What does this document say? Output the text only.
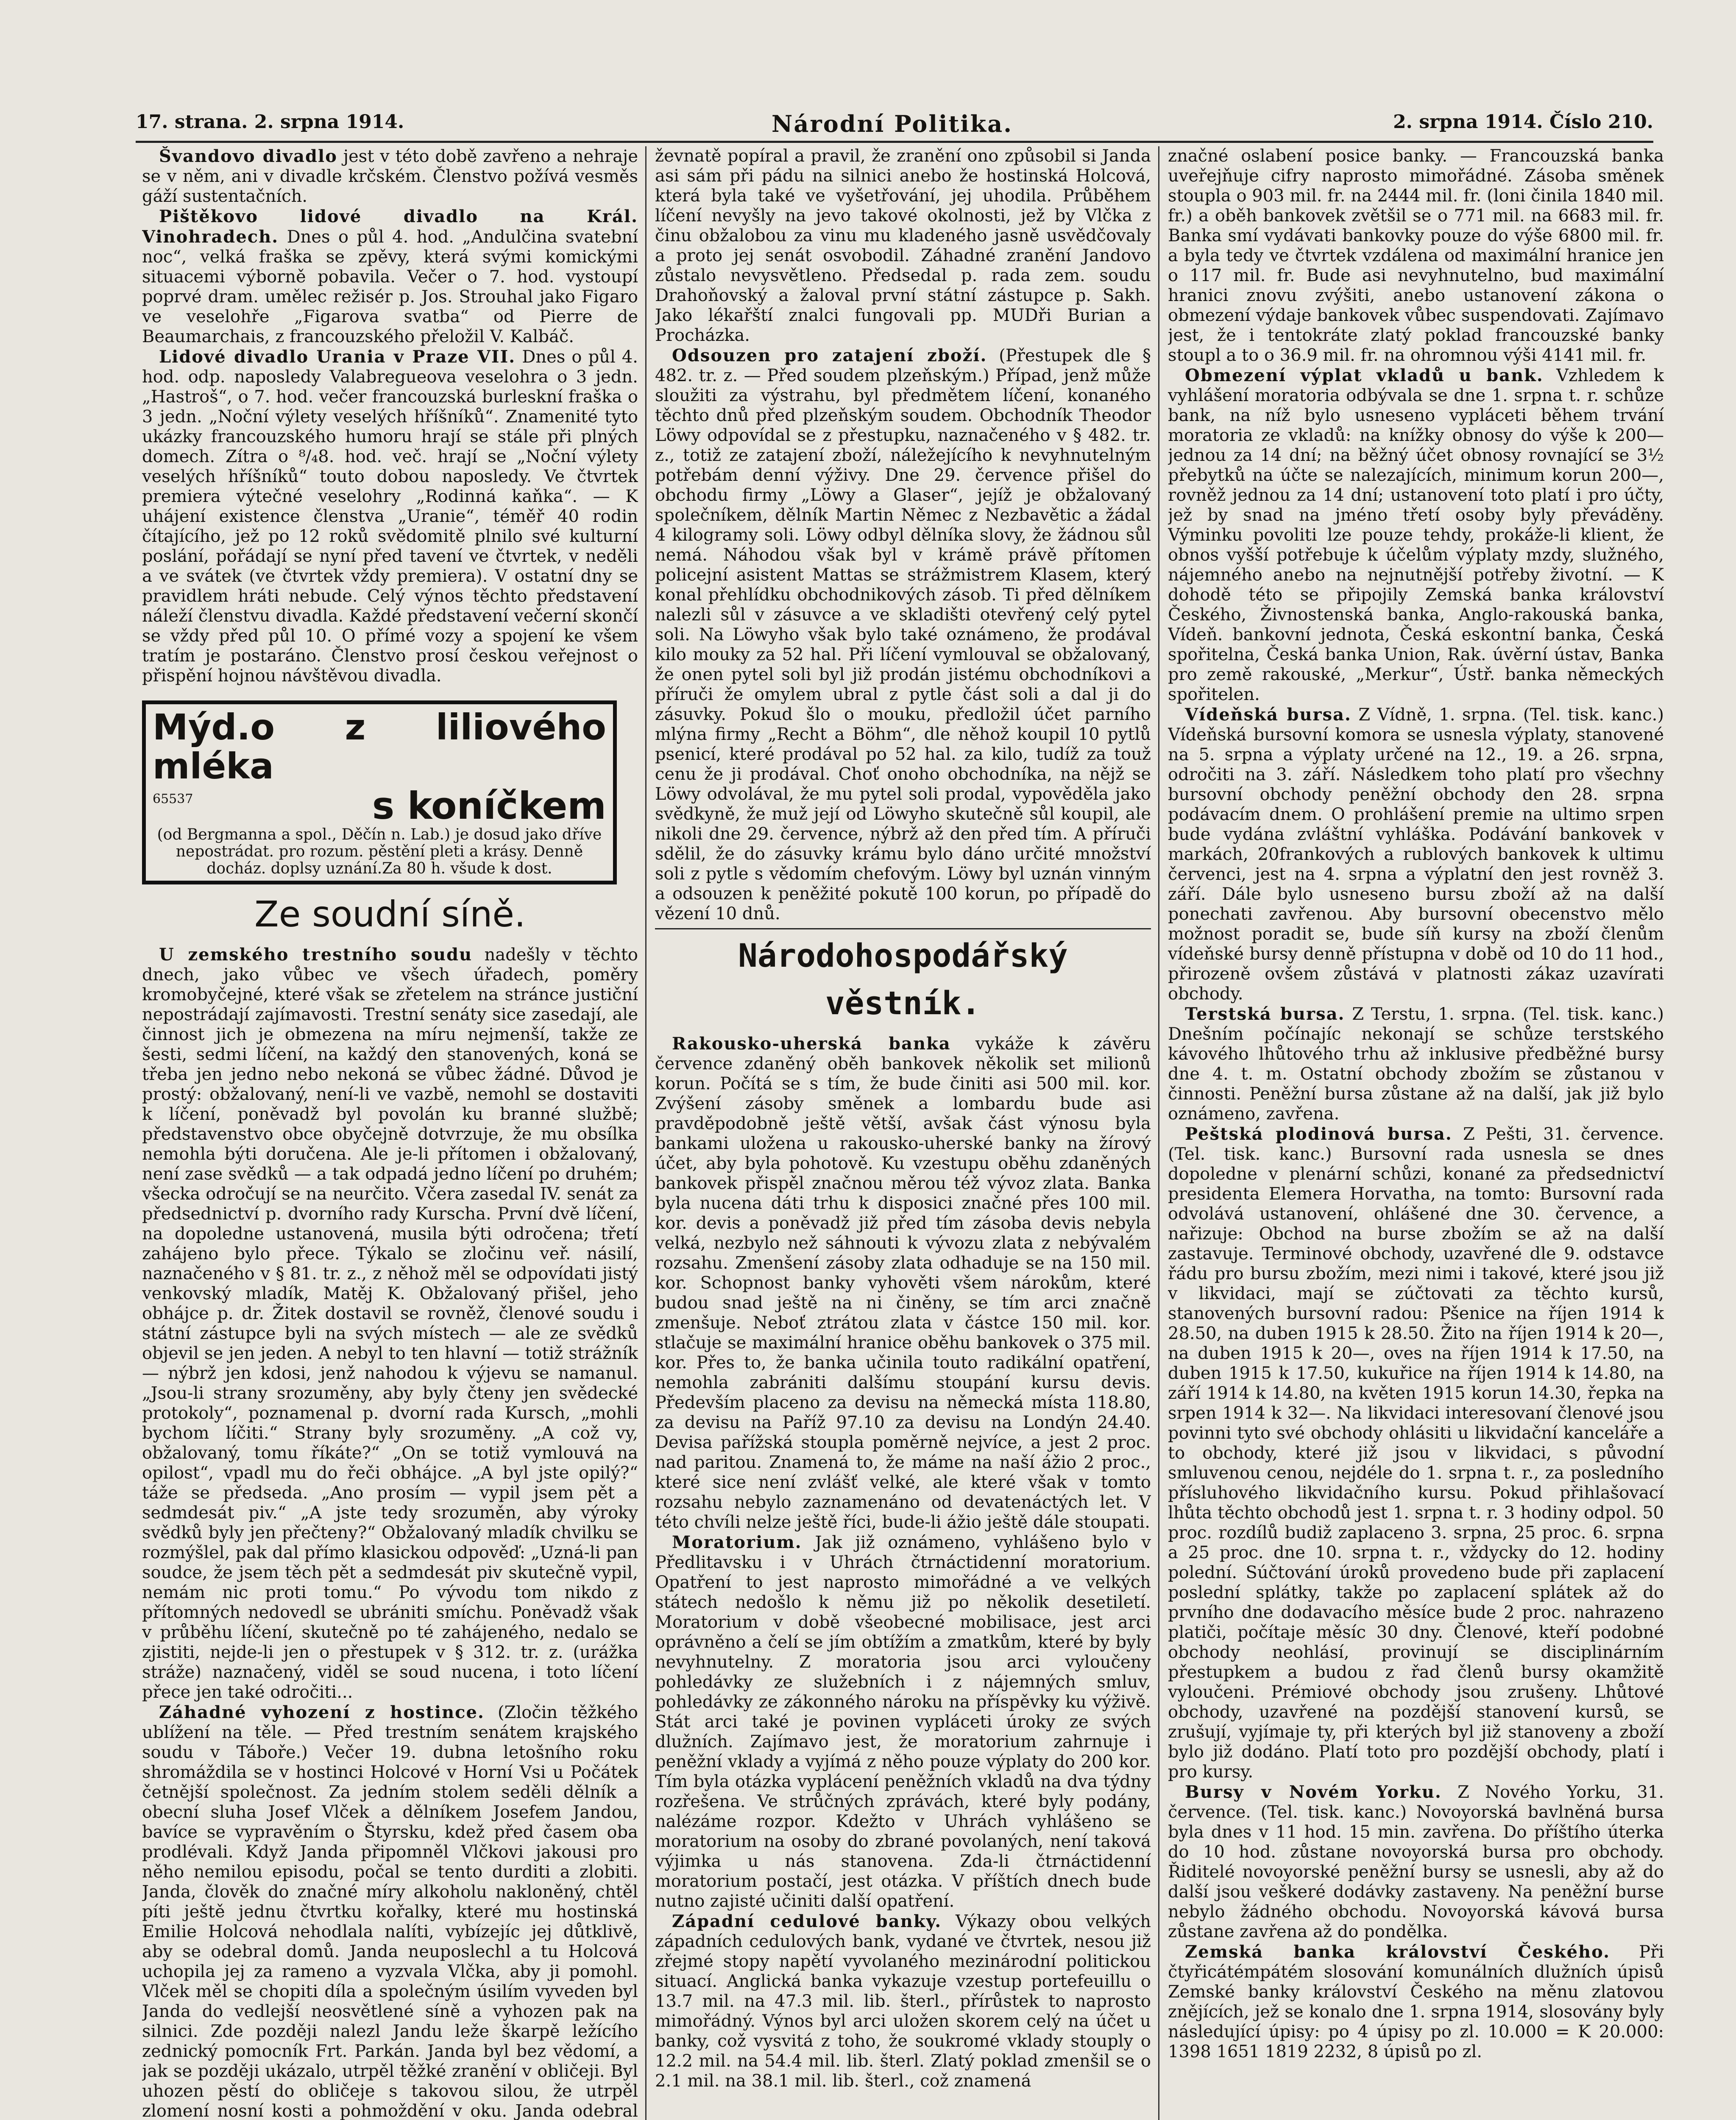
17. strana. 2. srpna 1914.	Národní Politika.	2. srpna 1914. Číslo 210.

Švandovo divadlo jest v této době zavřeno a nehraje se v něm, ani v divadle krčském. Členstvo požívá vesměs gáží sustentačních.

Pištěkovo lidové divadlo na Král. Vinohradech. Dnes o půl 4. hod. „Andulčina svatební noc“, velká fraška se zpěvy, která svými komickými situacemi výborně pobavila. Večer o 7. hod. vystoupí poprvé dram. umělec režisér p. Jos. Strouhal jako Figaro ve veselohře „Figarova svatba“ od Pierre de Beaumarchais, z francouzského přeložil V. Kalbáč.

Lidové divadlo Urania v Praze VII. Dnes o půl 4. hod. odp. naposledy Valabregueova veselohra o 3 jedn. „Hastroš“, o 7. hod. večer francouzská burleskní fraška o 3 jedn. „Noční výlety veselých hříšníků“. Znamenité tyto ukázky francouzského humoru hrají se stále při plných domech. Zítra o ⁸/₄8. hod. več. hrají se „Noční výlety veselých hříšníků“ touto dobou naposledy. Ve čtvrtek premiera výtečné veselohry „Rodinná kaňka“. — K uhájení existence členstva „Uranie“, téměř 40 rodin čítajícího, jež po 12 roků svědomitě plnilo své kulturní poslání, pořádají se nyní před tavení ve čtvrtek, v neděli a ve svátek (ve čtvrtek vždy premiera). V ostatní dny se pravidlem hráti nebude. Celý výnos těchto představení náleží členstvu divadla. Každé představení večerní skončí se vždy před půl 10. O přímé vozy a spojení ke všem tratím je postaráno. Členstvo prosí českou veřejnost o přispění hojnou návštěvou divadla.

Mýd.o z liliového mléka
65537	s koníčkem
(od Bergmanna a spol., Děčín n. Lab.) je dosud jako dříve nepostrádat. pro rozum. pěstění pleti a krásy. Denně docház. doplsy uznání.Za 80 h. všude k dost.
Ze soudní síně.

U zemského trestního soudu nadešly v těchto dnech, jako vůbec ve všech úřadech, poměry kromobyčejné, které však se zřetelem na stránce justiční nepostrádají zajímavosti. Trestní senáty sice zasedají, ale činnost jich je obmezena na míru nejmenší, takže ze šesti, sedmi líčení, na každý den stanovených, koná se třeba jen jedno nebo nekoná se vůbec žádné. Důvod je prostý: obžalovaný, není-li ve vazbě, nemohl se dostaviti k líčení, poněvadž byl povolán ku branné službě; představenstvo obce obyčejně dotvrzuje, že mu obsílka nemohla býti doručena. Ale je-li přítomen i obžalovaný, není zase svědků — a tak odpadá jedno líčení po druhém; všecka odročují se na neurčito. Včera zasedal IV. senát za předsednictví p. dvorního rady Kurscha. První dvě líčení, na dopoledne ustanovená, musila býti odročena; třetí zahájeno bylo přece. Týkalo se zločinu veř. násilí, naznačeného v § 81. tr. z., z něhož měl se odpovídati jistý venkovský mladík, Matěj K. Obžalovaný přišel, jeho obhájce p. dr. Žitek dostavil se rovněž, členové soudu i státní zástupce byli na svých místech — ale ze svědků objevil se jen jeden. A nebyl to ten hlavní — totiž strážník — nýbrž jen kdosi, jenž nahodou k výjevu se namanul. „Jsou-li strany srozuměny, aby byly čteny jen svědecké protokoly“, poznamenal p. dvorní rada Kursch, „mohli bychom líčiti.“ Strany byly srozuměny. „A což vy, obžalovaný, tomu říkáte?“ „On se totiž vymlouvá na opilost“, vpadl mu do řeči obhájce. „A byl jste opilý?“ táže se předseda. „Ano prosím — vypil jsem pět a sedmdesát piv.“ „A jste tedy srozuměn, aby výroky svědků byly jen přečteny?“ Obžalovaný mladík chvilku se rozmýšlel, pak dal přímo klasickou odpověď: „Uzná-li pan soudce, že jsem těch pět a sedmdesát piv skutečně vypil, nemám nic proti tomu.“ Po vývodu tom nikdo z přítomných nedovedl se ubrániti smíchu. Poněvadž však v průběhu líčení, skutečně po té zahájeného, nedalo se zjistiti, nejde-li jen o přestupek v § 312. tr. z. (urážka stráže) naznačený, viděl se soud nucena, i toto líčení přece jen také odročiti...

Záhadné vyhození z hostince. (Zločin těžkého ublížení na těle. — Před trestním senátem krajského soudu v Táboře.) Večer 19. dubna letošního roku shromáždila se v hostinci Holcové v Horní Vsi u Počátek četnější společnost. Za jedním stolem seděli dělník a obecní sluha Josef Vlček a dělníkem Josefem Jandou, bavíce se vypravěním o Štyrsku, kdež před časem oba prodlévali. Když Janda připomněl Vlčkovi jakousi pro něho nemilou episodu, počal se tento durditi a zlobiti. Janda, člověk do značné míry alkoholu nakloněný, chtěl píti ještě jednu čtvrtku kořalky, které mu hostinská Emilie Holcová nehodlala nalíti, vybízejíc jej důtklivě, aby se odebral domů. Janda neuposlechl a tu Holcová uchopila jej za rameno a vyzvala Vlčka, aby ji pomohl. Vlček měl se chopiti díla a společným úsilím vyveden byl Janda do vedlejší neosvětlené síně a vyhozen pak na silnici. Zde později nalezl Jandu leže škarpě ležícího zednický pomocník Frt. Parkán. Janda byl bez vědomí, a jak se později ukázalo, utrpěl těžké zranění v obličeji. Byl uhozen pěstí do obličeje s takovou silou, že utrpěl zlomení nosní kosti a pohmoždění v oku. Janda odebral

ževnatě popíral a pravil, že zranění ono způsobil si Janda asi sám při pádu na silnici anebo že hostinská Holcová, která byla také ve vyšetřování, jej uhodila. Průběhem líčení nevyšly na jevo takové okolnosti, jež by Vlčka z činu obžalobou za vinu mu kladeného jasně usvědčovaly a proto jej senát osvobodil. Záhadné zranění Jandovo zůstalo nevysvětleno. Předsedal p. rada zem. soudu Drahoňovský a žaloval první státní zástupce p. Sakh. Jako lékařští znalci fungovali pp. MUDři Burian a Procházka.

Odsouzen pro zatajení zboží. (Přestupek dle § 482. tr. z. — Před soudem plzeňským.) Případ, jenž může sloužiti za výstrahu, byl předmětem líčení, konaného těchto dnů před plzeňským soudem. Obchodník Theodor Löwy odpovídal se z přestupku, naznačeného v § 482. tr. z., totiž ze zatajení zboží, náležejícího k nevyhnutelným potřebám denní výživy. Dne 29. července přišel do obchodu firmy „Löwy a Glaser“, jejíž je obžalovaný společníkem, dělník Martin Němec z Nezbavětic a žádal 4 kilogramy soli. Löwy odbyl dělníka slovy, že žádnou sůl nemá. Náhodou však byl v krámě právě přítomen policejní asistent Mattas se strážmistrem Klasem, který konal přehlídku obchodnikových zásob. Ti před dělníkem nalezli sůl v zásuvce a ve skladišti otevřený celý pytel soli. Na Löwyho však bylo také oznámeno, že prodával kilo mouky za 52 hal. Při líčení vymlouval se obžalovaný, že onen pytel soli byl již prodán jistému obchodníkovi a příruči že omylem ubral z pytle část soli a dal ji do zásuvky. Pokud šlo o mouku, předložil účet parního mlýna firmy „Recht a Böhm“, dle něhož koupil 10 pytlů psenicí, které prodával po 52 hal. za kilo, tudíž za touž cenu že ji prodával. Choť onoho obchodníka, na nějž se Löwy odvolával, že mu pytel soli prodal, vypověděla jako svědkyně, že muž její od Löwyho skutečně sůl koupil, ale nikoli dne 29. července, nýbrž až den před tím. A příruči sdělil, že do zásuvky krámu bylo dáno určité množství soli z pytle s vědomím chefovým. Löwy byl uznán vinným a odsouzen k peněžité pokutě 100 korun, po případě do vězení 10 dnů.

Národohospodářský věstník.

Rakousko-uherská banka vykáže k závěru července zdaněný oběh bankovek několik set milionů korun. Počítá se s tím, že bude činiti asi 500 mil. kor. Zvýšení zásoby směnek a lombardu bude asi pravděpodobně ještě větší, avšak část výnosu byla bankami uložena u rakousko-uherské banky na žírový účet, aby byla pohotově. Ku vzestupu oběhu zdaněných bankovek přispěl značnou měrou též vývoz zlata. Banka byla nucena dáti trhu k disposici značné přes 100 mil. kor. devis a poněvadž již před tím zásoba devis nebyla velká, nezbylo než sáhnouti k vývozu zlata z nebývalém rozsahu. Zmenšení zásoby zlata odhaduje se na 150 mil. kor. Schopnost banky vyhověti všem nárokům, které budou snad ještě na ni činěny, se tím arci značně zmenšuje. Neboť ztrátou zlata v částce 150 mil. kor. stlačuje se maximální hranice oběhu bankovek o 375 mil. kor. Přes to, že banka učinila touto radikální opatření, nemohla zabrániti dalšímu stoupání kursu devis. Především placeno za devisu na německá místa 118.80, za devisu na Paříž 97.10 za devisu na Londýn 24.40. Devisa pařížská stoupla poměrně nejvíce, a jest 2 proc. nad paritou. Znamená to, že máme na naší ážio 2 proc., které sice není zvlášť velké, ale které však v tomto rozsahu nebylo zaznamenáno od devatenáctých let. V této chvíli nelze ještě říci, bude-li ážio ještě dále stoupati.

Moratorium. Jak již oznámeno, vyhlášeno bylo v Předlitavsku i v Uhrách čtrnáctidenní moratorium. Opatření to jest naprosto mimořádné a ve velkých státech nedošlo k němu již po několik desetiletí. Moratorium v době všeobecné mobilisace, jest arci oprávněno a čelí se jím obtížím a zmatkům, které by byly nevyhnutelny. Z moratoria jsou arci vyloučeny pohledávky ze služebních i z nájemných smluv, pohledávky ze zákonného nároku na příspěvky ku výživě. Stát arci také je povinen vypláceti úroky ze svých dlužních. Zajímavo jest, že moratorium zahrnuje i peněžní vklady a vyjímá z něho pouze výplaty do 200 kor. Tím byla otázka vyplácení peněžních vkladů na dva týdny rozřešena. Ve strůčných zprávách, které byly podány, nalézáme rozpor. Kdežto v Uhrách vyhlášeno se moratorium na osoby do zbrané povolaných, není taková výjimka u nás stanovena. Zda-li čtrnáctidenní moratorium postačí, jest otázka. V příštích dnech bude nutno zajisté učiniti další opatření.

Západní cedulové banky. Výkazy obou velkých západních cedulových bank, vydané ve čtvrtek, nesou již zřejmé stopy napětí vyvolaného mezinárodní politickou situací. Anglická banka vykazuje vzestup portefeuillu o 13.7 mil. na 47.3 mil. lib. šterl., přírůstek to naprosto mimořádný. Výnos byl arci uložen skorem celý na účet u banky, což vysvitá z toho, že soukromé vklady stouply o 12.2 mil. na 54.4 mil. lib. šterl. Zlatý poklad zmenšil se o 2.1 mil. na 38.1 mil. lib. šterl., což znamená

značné oslabení posice banky. — Francouzská banka uveřejňuje cifry naprosto mimořádné. Zásoba směnek stoupla o 903 mil. fr. na 2444 mil. fr. (loni činila 1840 mil. fr.) a oběh bankovek zvětšil se o 771 mil. na 6683 mil. fr. Banka smí vydávati bankovky pouze do výše 6800 mil. fr. a byla tedy ve čtvrtek vzdálena od maximální hranice jen o 117 mil. fr. Bude asi nevyhnutelno, bud maximální hranici znovu zvýšiti, anebo ustanovení zákona o obmezení výdaje bankovek vůbec suspendovati. Zajímavo jest, že i tentokráte zlatý poklad francouzské banky stoupl a to o 36.9 mil. fr. na ohromnou výši 4141 mil. fr.

Obmezení výplat vkladů u bank. Vzhledem k vyhlášení moratoria odbývala se dne 1. srpna t. r. schůze bank, na níž bylo usneseno vypláceti během trvání moratoria ze vkladů: na knížky obnosy do výše k 200— jednou za 14 dní; na běžný účet obnosy rovnající se 3½ přebytků na účte se nalezajících, minimum korun 200—, rovněž jednou za 14 dní; ustanovení toto platí i pro účty, jež by snad na jméno třetí osoby byly převáděny. Výminku povoliti lze pouze tehdy, prokáže-li klient, že obnos vyšší potřebuje k účelům výplaty mzdy, služného, nájemného anebo na nejnutnější potřeby životní. — K dohodě této se připojily Zemská banka království Českého, Živnostenská banka, Anglo-rakouská banka, Vídeň. bankovní jednota, Česká eskontní banka, Česká spořitelna, Česká banka Union, Rak. úvěrní ústav, Banka pro země rakouské, „Merkur“, Ústř. banka německých spořitelen.

Vídeňská bursa. Z Vídně, 1. srpna. (Tel. tisk. kanc.) Vídeňská bursovní komora se usnesla výplaty, stanovené na 5. srpna a výplaty určené na 12., 19. a 26. srpna, odročiti na 3. září. Následkem toho platí pro všechny bursovní obchody peněžní obchody den 28. srpna podávacím dnem. O prohlášení premie na ultimo srpen bude vydána zvláštní vyhláška. Podávání bankovek v markách, 20frankových a rublových bankovek k ultimu červenci, jest na 4. srpna a výplatní den jest rovněž 3. září. Dále bylo usneseno bursu zboží až na další ponechati zavřenou. Aby bursovní obecenstvo mělo možnost poradit se, bude síň kursy na zboží členům vídeňské bursy denně přístupna v době od 10 do 11 hod., přirozeně ovšem zůstává v platnosti zákaz uzavírati obchody.

Terstská bursa. Z Terstu, 1. srpna. (Tel. tisk. kanc.) Dnešním počínajíc nekonají se schůze terstského kávového lhůtového trhu až inklusive předběžné bursy dne 4. t. m. Ostatní obchody zbožím se zůstanou v činnosti. Peněžní bursa zůstane až na další, jak již bylo oznámeno, zavřena.

Peštská plodinová bursa. Z Pešti, 31. července. (Tel. tisk. kanc.) Bursovní rada usnesla se dnes dopoledne v plenární schůzi, konané za předsednictví presidenta Elemera Horvatha, na tomto: Bursovní rada odvolává ustanovení, ohlášené dne 30. července, a nařizuje: Obchod na burse zbožím se až na další zastavuje. Terminové obchody, uzavřené dle 9. odstavce řádu pro bursu zbožím, mezi nimi i takové, které jsou již v likvidaci, mají se zúčtovati za těchto kursů, stanovených bursovní radou: Pšenice na říjen 1914 k 28.50, na duben 1915 k 28.50. Žito na říjen 1914 k 20—, na duben 1915 k 20—, oves na říjen 1914 k 17.50, na duben 1915 k 17.50, kukuřice na říjen 1914 k 14.80, na září 1914 k 14.80, na květen 1915 korun 14.30, řepka na srpen 1914 k 32—. Na likvidaci interesovaní členové jsou povinni tyto své obchody ohlásiti u likvidační kanceláře a to obchody, které již jsou v likvidaci, s původní smluvenou cenou, nejdéle do 1. srpna t. r., za posledního přísluhového likvidačního kursu. Pokud přihlašovací lhůta těchto obchodů jest 1. srpna t. r. 3 hodiny odpol. 50 proc. rozdílů budiž zaplaceno 3. srpna, 25 proc. 6. srpna a 25 proc. dne 10. srpna t. r., vždycky do 12. hodiny polední. Súčtování úroků provedeno bude při zaplacení poslední splátky, takže po zaplacení splátek až do prvního dne dodavacího měsíce bude 2 proc. nahrazeno platiči, počítaje měsíc 30 dny. Členové, kteří podobné obchody neohlásí, provinují se disciplinárním přestupkem a budou z řad členů bursy okamžitě vyloučeni. Prémiové obchody jsou zrušeny. Lhůtové obchody, uzavřené na pozdější stanovení kursů, se zrušují, vyjímaje ty, při kterých byl již stanoveny a zboží bylo již dodáno. Platí toto pro pozdější obchody, platí i pro kursy.

Bursy v Novém Yorku. Z Nového Yorku, 31. července. (Tel. tisk. kanc.) Novoyorská bavlněná bursa byla dnes v 11 hod. 15 min. zavřena. Do příštího úterka do 10 hod. zůstane novoyorská bursa pro obchody. Řiditelé novoyorské peněžní bursy se usnesli, aby až do další jsou veškeré dodávky zastaveny. Na peněžní burse nebylo žádného obchodu. Novoyorská kávová bursa zůstane zavřena až do pondělka.

Zemská banka království Českého. Při čtyřicátémpátém slosování komunálních dlužních úpisů Zemské banky království Českého na měnu zlatovou znějících, jež se konalo dne 1. srpna 1914, slosovány byly následující úpisy: po 4 úpisy po zl. 10.000 = K 20.000: 1398 1651 1819 2232, 8 úpisů po zl.
